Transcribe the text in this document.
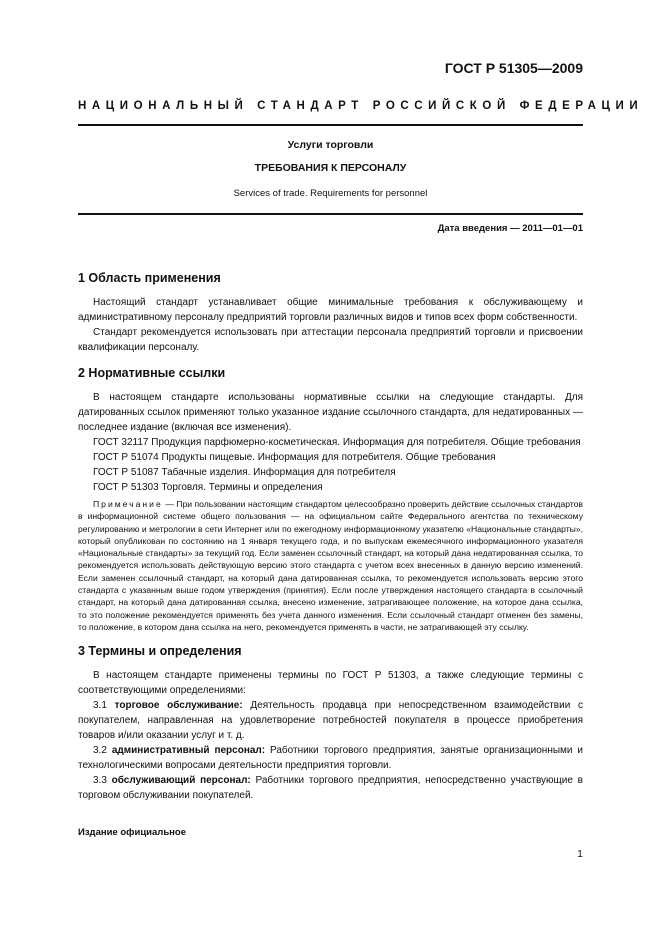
ГОСТ Р 51305—2009
НАЦИОНАЛЬНЫЙ СТАНДАРТ РОССИЙСКОЙ ФЕДЕРАЦИИ
Услуги торговли
ТРЕБОВАНИЯ К ПЕРСОНАЛУ
Services of trade. Requirements for personnel
Дата введения — 2011—01—01
1 Область применения

Настоящий стандарт устанавливает общие минимальные требования к обслуживающему и административному персоналу предприятий торговли различных видов и типов всех форм собственности.

Стандарт рекомендуется использовать при аттестации персонала предприятий торговли и присвоении квалификации персоналу.

2 Нормативные ссылки

В настоящем стандарте использованы нормативные ссылки на следующие стандарты. Для датированных ссылок применяют только указанное издание ссылочного стандарта, для недатированных — последнее издание (включая все изменения).

ГОСТ 32117 Продукция парфюмерно-косметическая. Информация для потребителя. Общие требования

ГОСТ Р 51074 Продукты пищевые. Информация для потребителя. Общие требования

ГОСТ Р 51087 Табачные изделия. Информация для потребителя

ГОСТ Р 51303 Торговля. Термины и определения

Примечание — При пользовании настоящим стандартом целесообразно проверить действие ссылочных стандартов в информационной системе общего пользования — на официальном сайте Федерального агентства по техническому регулированию и метрологии в сети Интернет или по ежегодному информационному указателю «Национальные стандарты», который опубликован по состоянию на 1 января текущего года, и по выпускам ежемесячного информационного указателя «Национальные стандарты» за текущий год. Если заменен ссылочный стандарт, на который дана недатированная ссылка, то рекомендуется использовать действующую версию этого стандарта с учетом всех внесенных в данную версию изменений. Если заменен ссылочный стандарт, на который дана датированная ссылка, то рекомендуется использовать версию этого стандарта с указанным выше годом утверждения (принятия). Если после утверждения настоящего стандарта в ссылочный стандарт, на который дана датированная ссылка, внесено изменение, затрагивающее положение, на которое дана ссылка, то это положение рекомендуется применять без учета данного изменения. Если ссылочный стандарт отменен без замены, то положение, в котором дана ссылка на него, рекомендуется применять в части, не затрагивающей эту ссылку.

3 Термины и определения

В настоящем стандарте применены термины по ГОСТ Р 51303, а также следующие термины с соответствующими определениями:

3.1 торговое обслуживание: Деятельность продавца при непосредственном взаимодействии с покупателем, направленная на удовлетворение потребностей покупателя в процессе приобретения товаров и/или оказании услуг и т. д.

3.2 административный персонал: Работники торгового предприятия, занятые организационными и технологическими вопросами деятельности предприятия торговли.

3.3 обслуживающий персонал: Работники торгового предприятия, непосредственно участвующие в торговом обслуживании покупателей.

Издание официальное
1
